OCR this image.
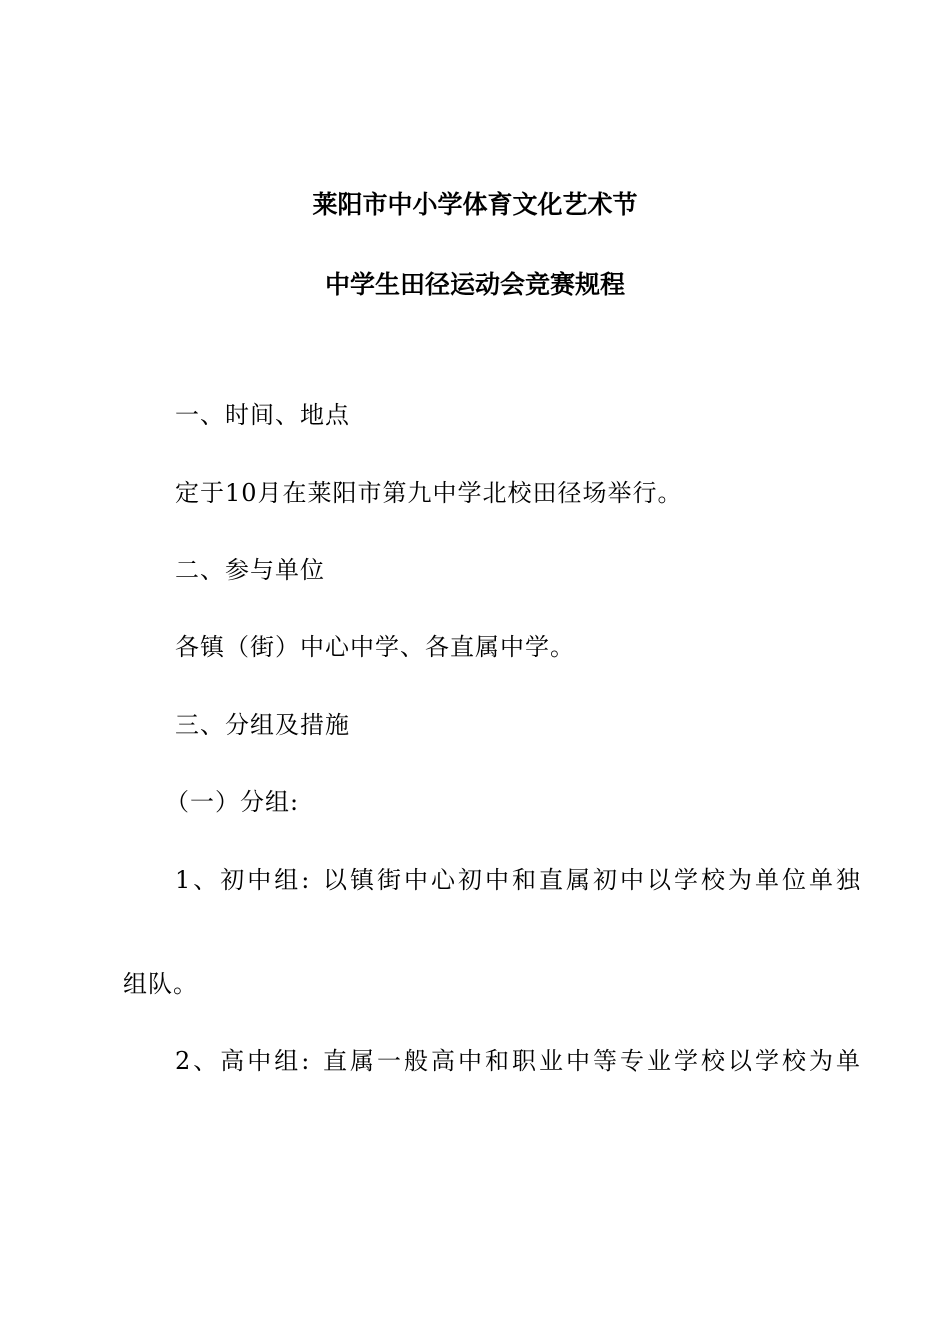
莱阳市中小学体育文化艺术节
中学生田径运动会竞赛规程

一、时间、地点

定于10月在莱阳市第九中学北校田径场举行。

二、参与单位

各镇（街）中心中学、各直属中学。

三、分组及措施

（一）分组:

1、初中组: 以镇街中心初中和直属初中以学校为单位单独

组队。

2、高中组: 直属一般高中和职业中等专业学校以学校为单
